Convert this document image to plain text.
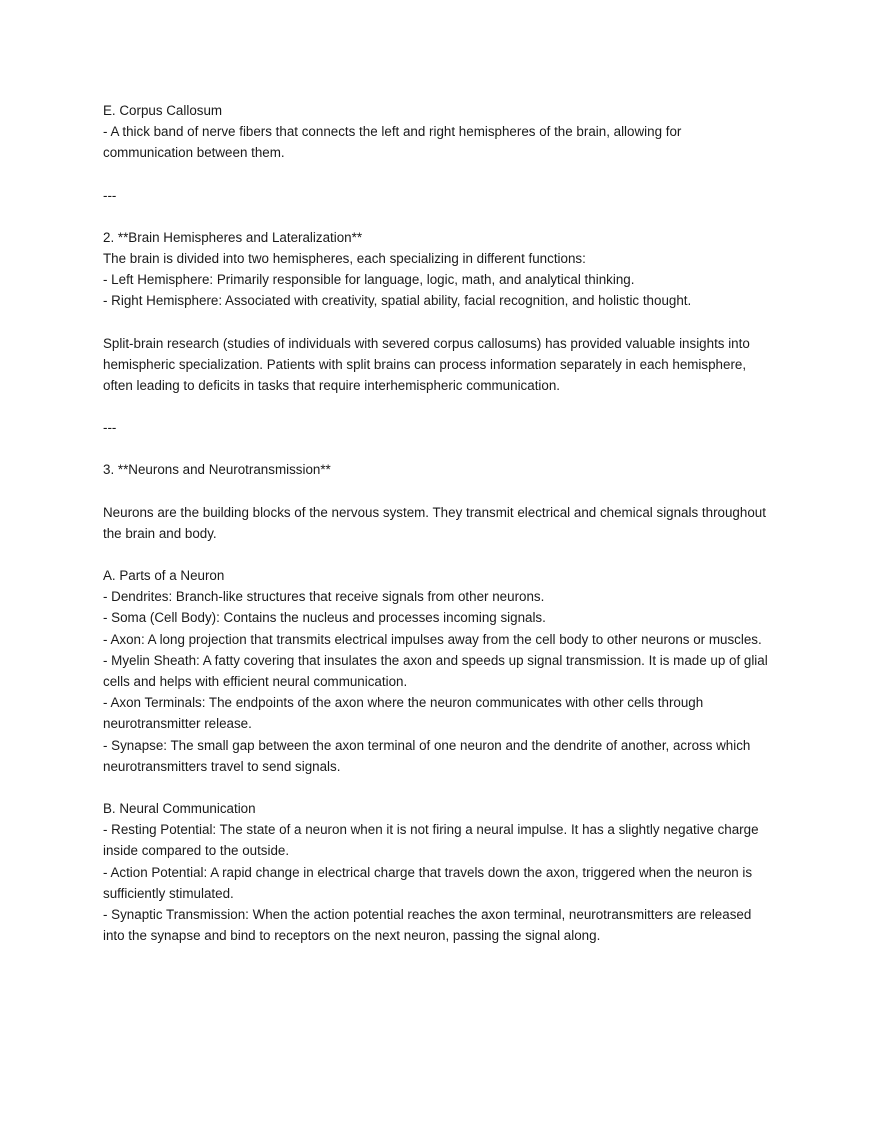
E. Corpus Callosum
- A thick band of nerve fibers that connects the left and right hemispheres of the brain, allowing for communication between them.
---
2. **Brain Hemispheres and Lateralization**
The brain is divided into two hemispheres, each specializing in different functions:
- Left Hemisphere: Primarily responsible for language, logic, math, and analytical thinking.
- Right Hemisphere: Associated with creativity, spatial ability, facial recognition, and holistic thought.
Split-brain research (studies of individuals with severed corpus callosums) has provided valuable insights into hemispheric specialization. Patients with split brains can process information separately in each hemisphere, often leading to deficits in tasks that require interhemispheric communication.
---
3. **Neurons and Neurotransmission**
Neurons are the building blocks of the nervous system. They transmit electrical and chemical signals throughout the brain and body.
A. Parts of a Neuron
- Dendrites: Branch-like structures that receive signals from other neurons.
- Soma (Cell Body): Contains the nucleus and processes incoming signals.
- Axon: A long projection that transmits electrical impulses away from the cell body to other neurons or muscles.
- Myelin Sheath: A fatty covering that insulates the axon and speeds up signal transmission. It is made up of glial cells and helps with efficient neural communication.
- Axon Terminals: The endpoints of the axon where the neuron communicates with other cells through neurotransmitter release.
- Synapse: The small gap between the axon terminal of one neuron and the dendrite of another, across which neurotransmitters travel to send signals.
B. Neural Communication
- Resting Potential: The state of a neuron when it is not firing a neural impulse. It has a slightly negative charge inside compared to the outside.
- Action Potential: A rapid change in electrical charge that travels down the axon, triggered when the neuron is sufficiently stimulated.
- Synaptic Transmission: When the action potential reaches the axon terminal, neurotransmitters are released into the synapse and bind to receptors on the next neuron, passing the signal along.
